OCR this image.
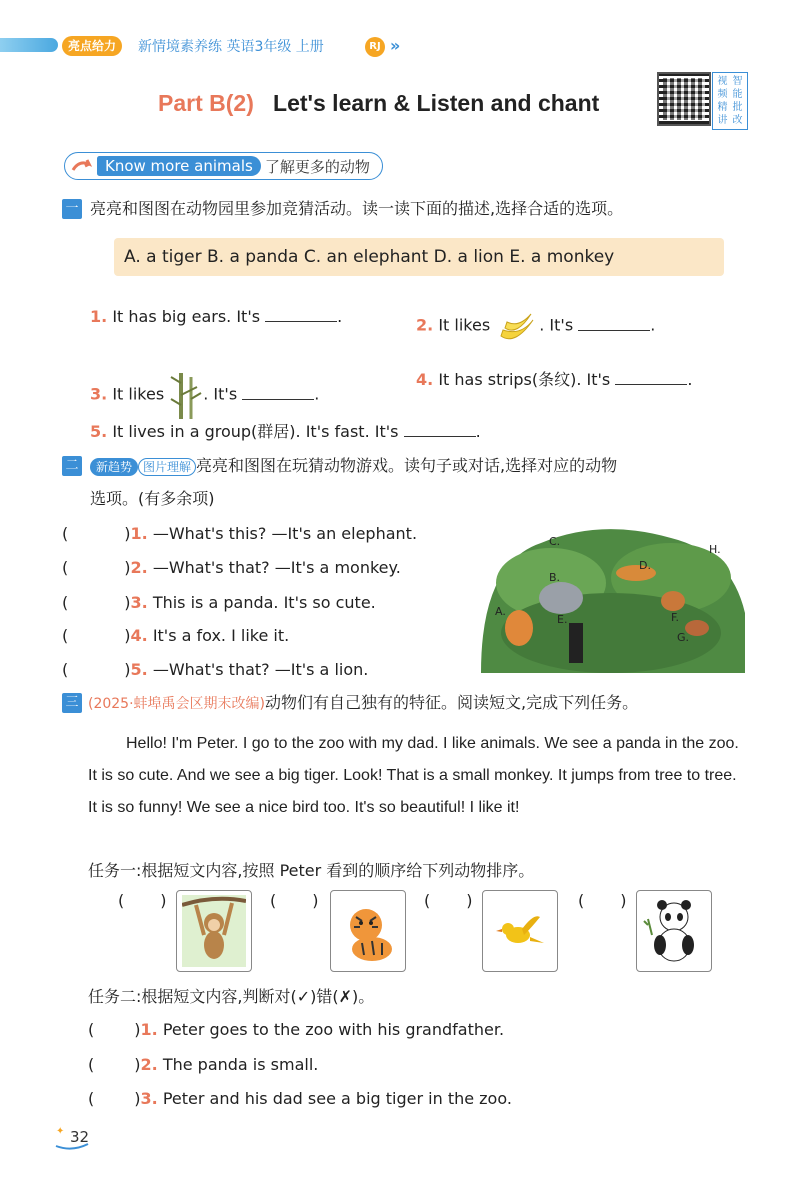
亮点给力	新情境素养练 英语3年级 上册	RJ »
Part B(2) Let's learn & Listen and chant
视 智
频 能
精 批
讲 改
Know more animals 了解更多的动物
一 亮亮和图图在动物园里参加竞猜活动。读一读下面的描述,选择合适的选项。
A. a tiger B. a panda C. an elephant D. a lion E. a monkey
1. It has big ears. It's	.	2. It likes	. It's	.
3. It likes . It's	.
4. It has strips(条纹). It's	.
5. It lives in a group(群居). It's fast. It's	.
二	新趋势 图片理解 亮亮和图图在玩猜动物游戏。读句子或对话,选择对应的动物
选项。(有多余项)
(	)1. —What's this? —It's an elephant.
(	)2. —What's that? —It's a monkey.
(	)3. This is a panda. It's so cute.
(	)4. It's a fox. I like it.
(	)5. —What's that? —It's a lion.
C.
B.
A.
D.
E.	F.
G.
H.
三 (2025·蚌埠禹会区期末改编)动物们有自己独有的特征。阅读短文,完成下列任务。
Hello! I'm Peter. I go to the zoo with my dad. I like animals. We see a panda in the zoo. It is so cute. And we see a big tiger. Look! That is a small monkey. It jumps from tree to tree. It is so funny! We see a nice bird too. It's so beautiful! I like it!
任务一:根据短文内容,按照 Peter 看到的顺序给下列动物排序。
( )	( )	( )	( )
任务二:根据短文内容,判断对(✓)错(✗)。
(	)1. Peter goes to the zoo with his grandfather.
(	)2. The panda is small.
(	)3. Peter and his dad see a big tiger in the zoo.
✦ 32
